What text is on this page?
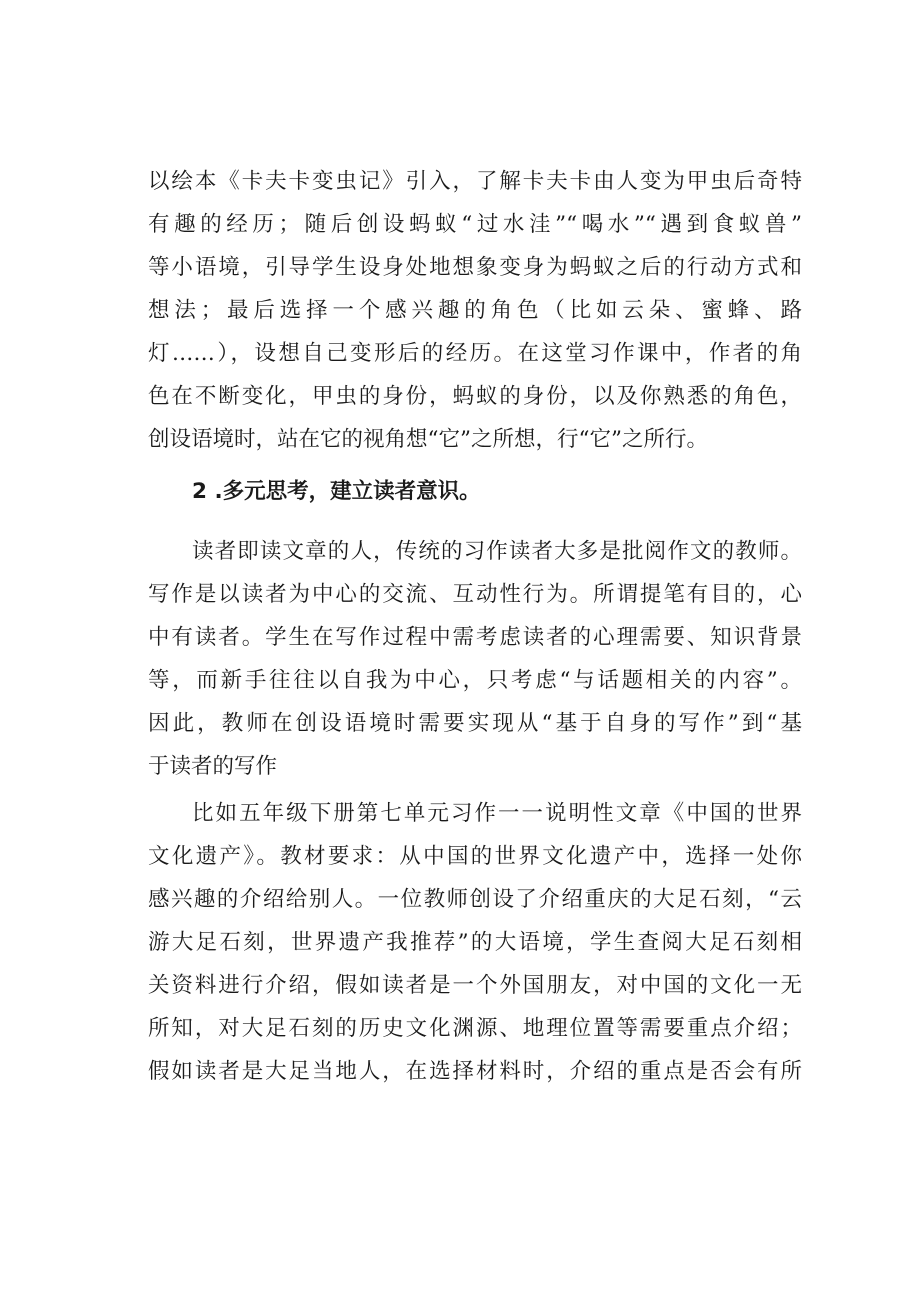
以绘本《卡夫卡变虫记》引入，了解卡夫卡由人变为甲虫后奇特
有趣的经历；随后创设蚂蚁“过水洼”“喝水”“遇到食蚁兽”
等小语境，引导学生设身处地想象变身为蚂蚁之后的行动方式和
想法；最后选择一个感兴趣的角色（比如云朵、蜜蜂、路
灯……），设想自己变形后的经历。在这堂习作课中，作者的角
色在不断变化，甲虫的身份，蚂蚁的身份，以及你熟悉的角色，
创设语境时，站在它的视角想“它”之所想，行“它”之所行。

2 .多元思考，建立读者意识。

读者即读文章的人，传统的习作读者大多是批阅作文的教师。
写作是以读者为中心的交流、互动性行为。所谓提笔有目的，心
中有读者。学生在写作过程中需考虑读者的心理需要、知识背景
等，而新手往往以自我为中心，只考虑“与话题相关的内容”。
因此，教师在创设语境时需要实现从“基于自身的写作”到“基
于读者的写作
比如五年级下册第七单元习作一一说明性文章《中国的世界
文化遗产》。教材要求：从中国的世界文化遗产中，选择一处你
感兴趣的介绍给别人。一位教师创设了介绍重庆的大足石刻，“云
游大足石刻，世界遗产我推荐”的大语境，学生查阅大足石刻相
关资料进行介绍，假如读者是一个外国朋友，对中国的文化一无
所知，对大足石刻的历史文化渊源、地理位置等需要重点介绍；
假如读者是大足当地人，在选择材料时，介绍的重点是否会有所
